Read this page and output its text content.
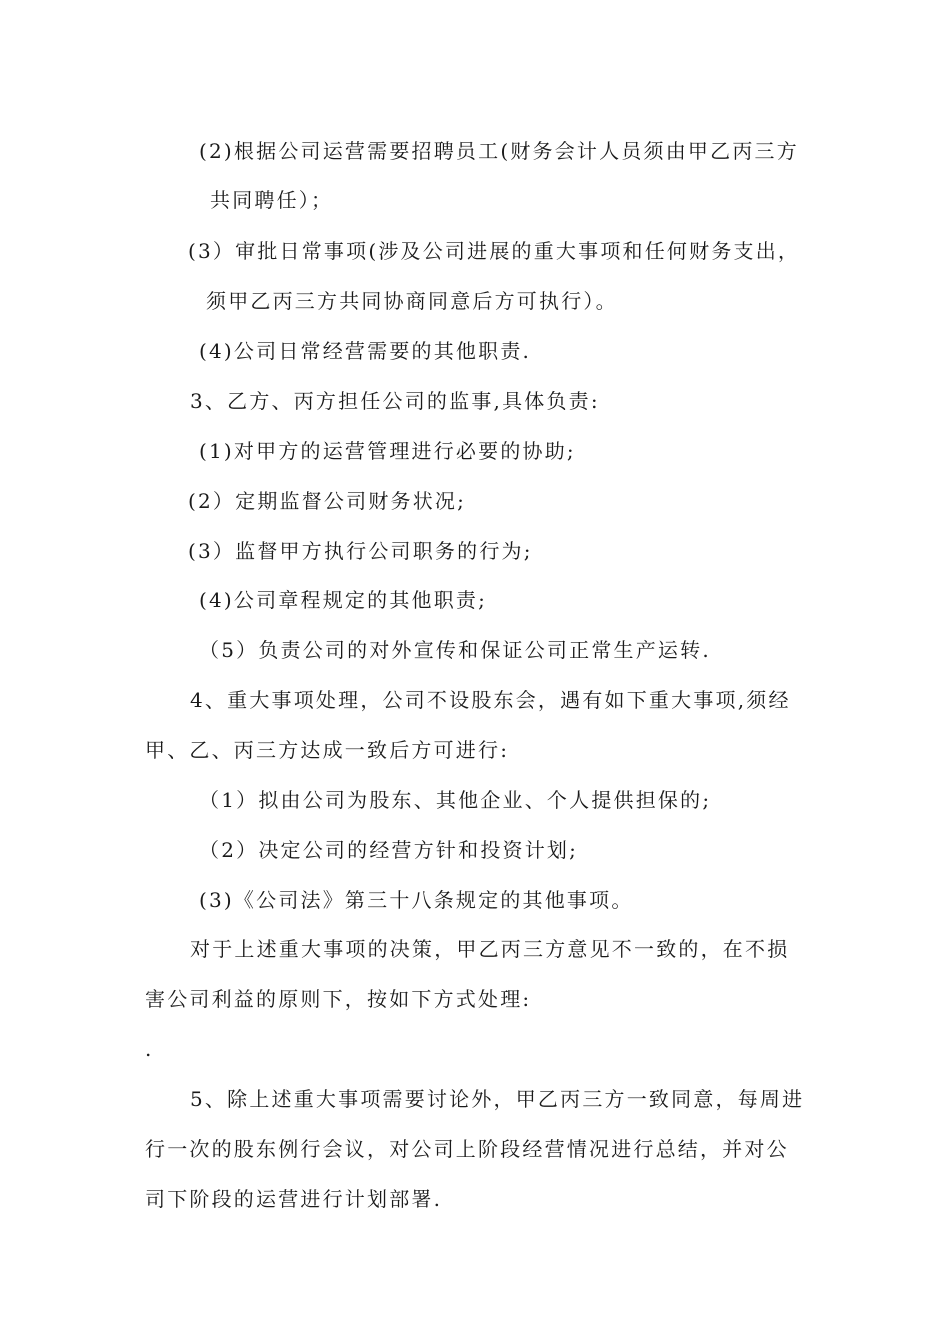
(2)根据公司运营需要招聘员工(财务会计人员须由甲乙丙三方
共同聘任）；
(3）审批日常事项(涉及公司进展的重大事项和任何财务支出，
须甲乙丙三方共同协商同意后方可执行）。
(4)公司日常经营需要的其他职责.
3、乙方、丙方担任公司的监事,具体负责:
(1)对甲方的运营管理进行必要的协助;
(2）定期监督公司财务状况;
(3）监督甲方执行公司职务的行为;
(4)公司章程规定的其他职责;
（5）负责公司的对外宣传和保证公司正常生产运转.
4、重大事项处理，公司不设股东会，遇有如下重大事项,须经
甲、乙、丙三方达成一致后方可进行:
（1）拟由公司为股东、其他企业、个人提供担保的;
（2）决定公司的经营方针和投资计划;
(3)《公司法》第三十八条规定的其他事项。
对于上述重大事项的决策，甲乙丙三方意见不一致的，在不损
害公司利益的原则下，按如下方式处理:
.
5、除上述重大事项需要讨论外，甲乙丙三方一致同意，每周进
行一次的股东例行会议，对公司上阶段经营情况进行总结，并对公
司下阶段的运营进行计划部署.
